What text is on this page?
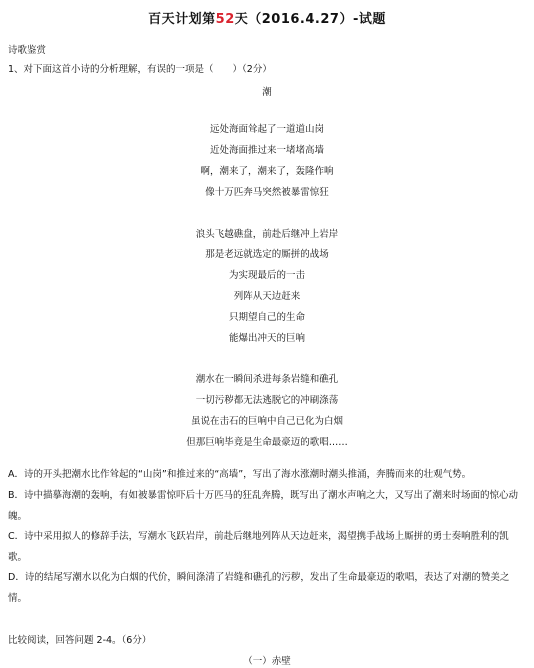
百天计划第52天（2016.4.27）-试题
诗歌鉴赏
1、对下面这首小诗的分析理解，有误的一项是（　　）（2分）
潮
远处海面耸起了一道道山岗
近处海面推过来一堵堵高墙
啊，潮来了，潮来了，轰隆作响
像十万匹奔马突然被暴雷惊狂
浪头飞越礁盘，前赴后继冲上岩岸
那是老远就选定的厮拼的战场
为实现最后的一击
列阵从天边赶来
只期望自己的生命
能爆出冲天的巨响
潮水在一瞬间杀进每条岩缝和礁孔
一切污秽都无法逃脱它的冲刷涤荡
虽说在击石的巨响中自己已化为白烟
但那巨响毕竟是生命最豪迈的歌唱……
A．诗的开头把潮水比作耸起的“山岗”和推过来的“高墙”，写出了海水涨潮时潮头推涌，奔腾而来的壮观气势。
B．诗中描摹海潮的轰响，有如被暴雷惊吓后十万匹马的狂乱奔腾，既写出了潮水声响之大，又写出了潮来时场面的惊心动魄。
C．诗中采用拟人的修辞手法，写潮水飞跃岩岸，前赴后继地列阵从天边赶来，渴望携手战场上厮拼的勇士奏响胜利的凯歌。
D．诗的结尾写潮水以化为白烟的代价，瞬间涤清了岩缝和礁孔的污秽，发出了生命最豪迈的歌唱，表达了对潮的赞美之情。
比较阅读，回答问题 2-4。（6分）
（一）赤壁
